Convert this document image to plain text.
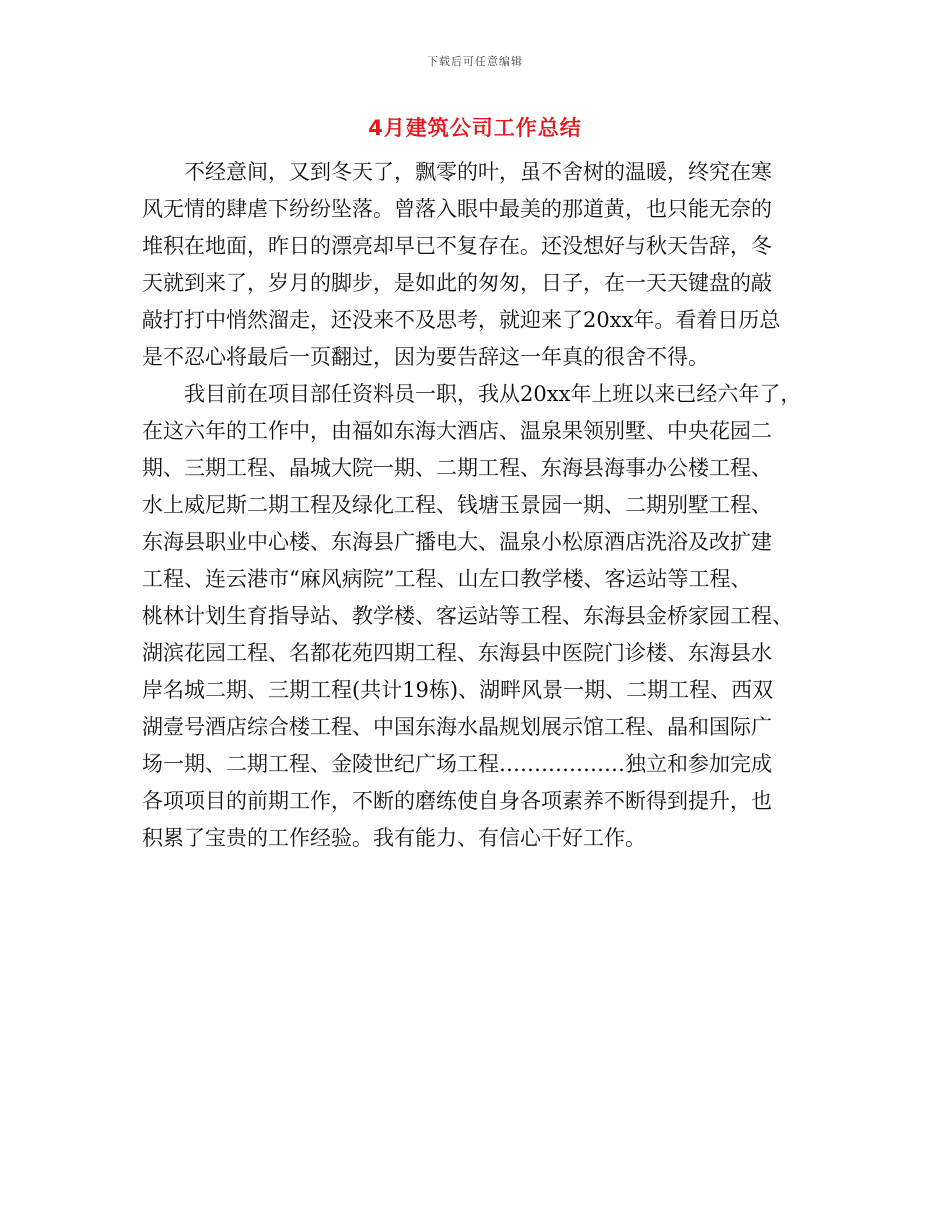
下载后可任意编辑
4月建筑公司工作总结
　　不经意间，又到冬天了，飘零的叶，虽不舍树的温暖，终究在寒
风无情的肆虐下纷纷坠落。曾落入眼中最美的那道黄，也只能无奈的
堆积在地面，昨日的漂亮却早已不复存在。还没想好与秋天告辞，冬
天就到来了，岁月的脚步，是如此的匆匆，日子，在一天天键盘的敲
敲打打中悄然溜走，还没来不及思考，就迎来了20xx年。看着日历总
是不忍心将最后一页翻过，因为要告辞这一年真的很舍不得。
　　我目前在项目部任资料员一职，我从20xx年上班以来已经六年了，
在这六年的工作中，由福如东海大酒店、温泉果领别墅、中央花园二
期、三期工程、晶城大院一期、二期工程、东海县海事办公楼工程、
水上威尼斯二期工程及绿化工程、钱塘玉景园一期、二期别墅工程、
东海县职业中心楼、东海县广播电大、温泉小松原酒店洗浴及改扩建
工程、连云港市“麻风病院”工程、山左口教学楼、客运站等工程、
桃林计划生育指导站、教学楼、客运站等工程、东海县金桥家园工程、
湖滨花园工程、名都花苑四期工程、东海县中医院门诊楼、东海县水
岸名城二期、三期工程(共计19栋)、湖畔风景一期、二期工程、西双
湖壹号酒店综合楼工程、中国东海水晶规划展示馆工程、晶和国际广
场一期、二期工程、金陵世纪广场工程………………独立和参加完成
各项项目的前期工作，不断的磨练使自身各项素养不断得到提升，也
积累了宝贵的工作经验。我有能力、有信心干好工作。
